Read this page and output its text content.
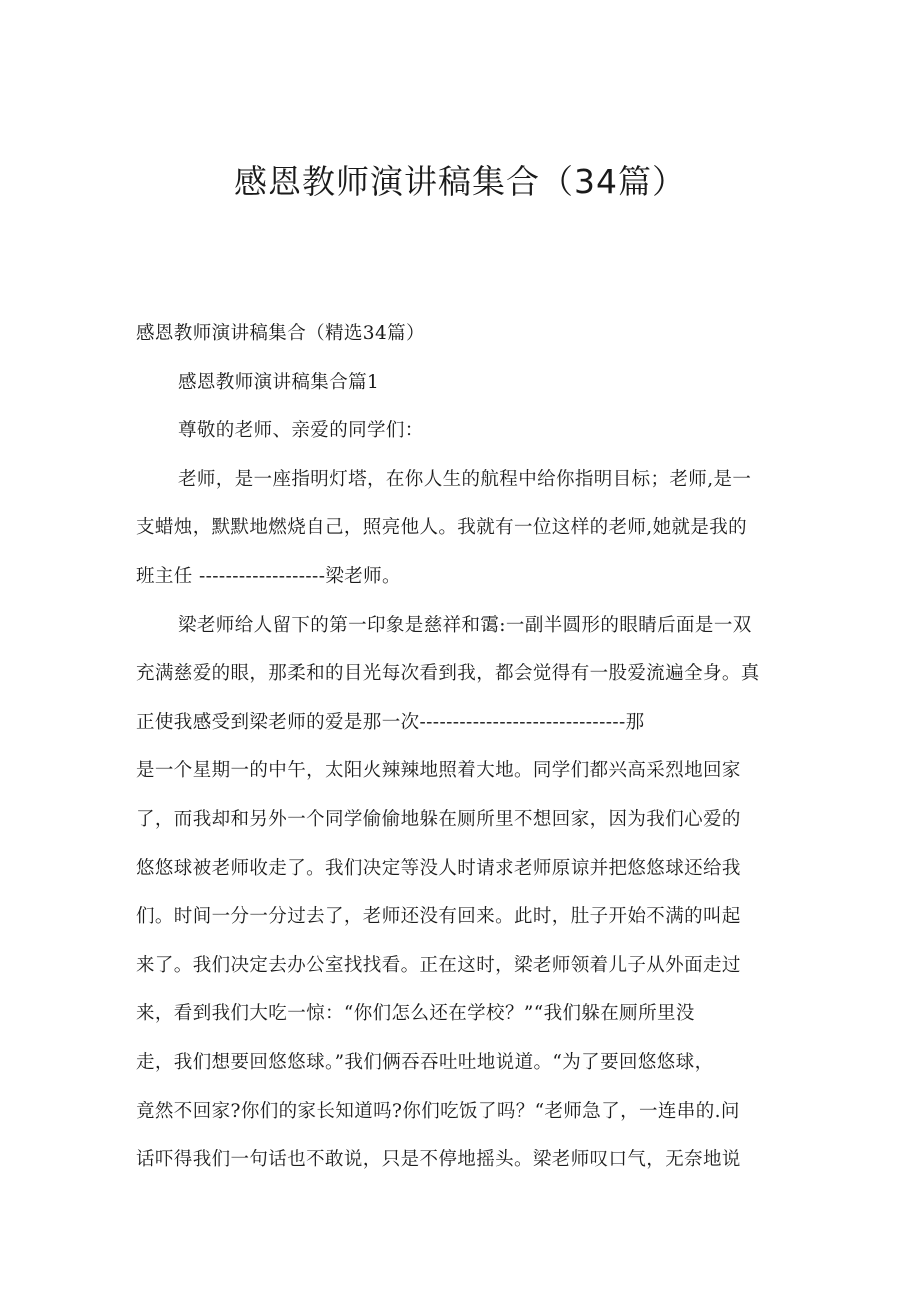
感恩教师演讲稿集合（34篇）

感恩教师演讲稿集合（精选34篇）

感恩教师演讲稿集合篇1

尊敬的老师、亲爱的同学们：

老师，是一座指明灯塔，在你人生的航程中给你指明目标；老师,是一

支蜡烛，默默地燃烧自己，照亮他人。我就有一位这样的老师,她就是我的

班主任 -------------------梁老师。

梁老师给人留下的第一印象是慈祥和霭:一副半圆形的眼睛后面是一双

充满慈爱的眼，那柔和的目光每次看到我，都会觉得有一股爱流遍全身。真

正使我感受到梁老师的爱是那一次-------------------------------那

是一个星期一的中午，太阳火辣辣地照着大地。同学们都兴高采烈地回家

了，而我却和另外一个同学偷偷地躲在厕所里不想回家，因为我们心爱的

悠悠球被老师收走了。我们决定等没人时请求老师原谅并把悠悠球还给我

们。时间一分一分过去了，老师还没有回来。此时，肚子开始不满的叫起

来了。我们决定去办公室找找看。正在这时，梁老师领着儿子从外面走过

来，看到我们大吃一惊：“你们怎么还在学校？”“我们躲在厕所里没

走，我们想要回悠悠球。”我们俩吞吞吐吐地说道。“为了要回悠悠球，

竟然不回家?你们的家长知道吗?你们吃饭了吗？“老师急了，一连串的.问

话吓得我们一句话也不敢说，只是不停地摇头。梁老师叹口气，无奈地说
